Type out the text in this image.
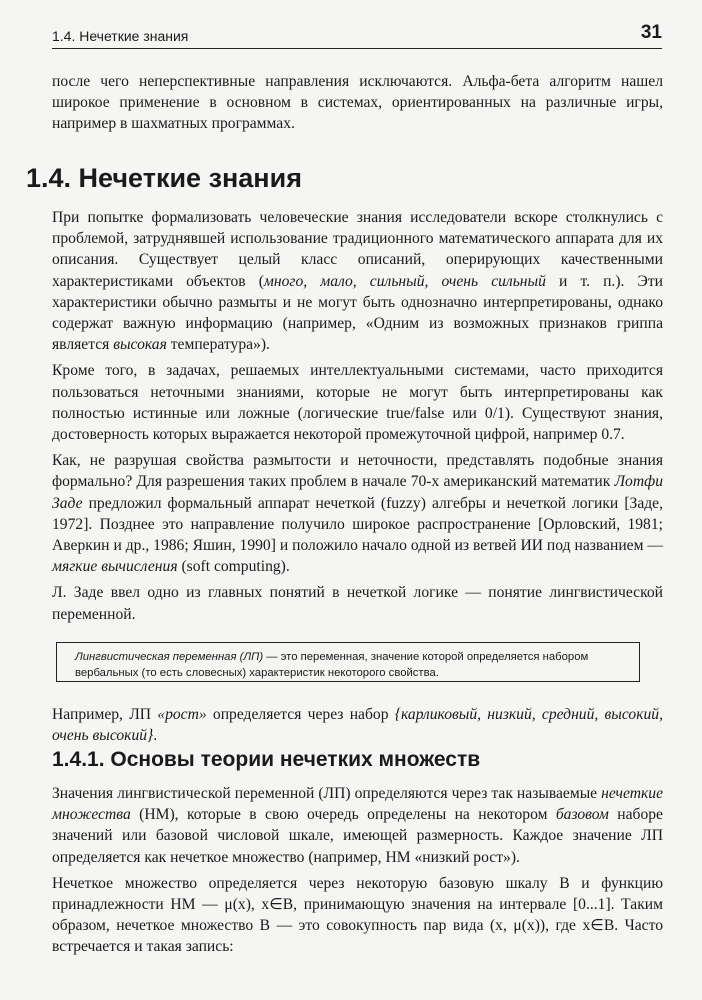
1.4. Нечеткие знания	31

после чего неперспективные направления исключаются. Альфа-бета алгоритм нашел широкое применение в основном в системах, ориентированных на различные игры, например в шахматных программах.

1.4. Нечеткие знания

При попытке формализовать человеческие знания исследователи вскоре столкнулись с проблемой, затруднявшей использование традиционного математического аппарата для их описания. Существует целый класс описаний, оперирующих качественными характеристиками объектов (много, мало, сильный, очень сильный и т. п.). Эти характеристики обычно размыты и не могут быть однозначно интерпретированы, однако содержат важную информацию (например, «Одним из возможных признаков гриппа является высокая температура»).

Кроме того, в задачах, решаемых интеллектуальными системами, часто приходится пользоваться неточными знаниями, которые не могут быть интерпретированы как полностью истинные или ложные (логические true/false или 0/1). Существуют знания, достоверность которых выражается некоторой промежуточной цифрой, например 0.7.

Как, не разрушая свойства размытости и неточности, представлять подобные знания формально? Для разрешения таких проблем в начале 70-х американский математик Лотфи Заде предложил формальный аппарат нечеткой (fuzzy) алгебры и нечеткой логики [Заде, 1972]. Позднее это направление получило широкое распространение [Орловский, 1981; Аверкин и др., 1986; Яшин, 1990] и положило начало одной из ветвей ИИ под названием — мягкие вычисления (soft computing).

Л. Заде ввел одно из главных понятий в нечеткой логике — понятие лингвистической переменной.

Лингвистическая переменная (ЛП) — это переменная, значение которой определяется набором вербальных (то есть словесных) характеристик некоторого свойства.

Например, ЛП «рост» определяется через набор {карликовый, низкий, средний, высокий, очень высокий}.

1.4.1. Основы теории нечетких множеств

Значения лингвистической переменной (ЛП) определяются через так называемые нечеткие множества (НМ), которые в свою очередь определены на некотором базовом наборе значений или базовой числовой шкале, имеющей размерность. Каждое значение ЛП определяется как нечеткое множество (например, НМ «низкий рост»).

Нечеткое множество определяется через некоторую базовую шкалу B и функцию принадлежности НМ — μ(x), x∈B, принимающую значения на интервале [0...1]. Таким образом, нечеткое множество B — это совокупность пар вида (x, μ(x)), где x∈B. Часто встречается и такая запись:
